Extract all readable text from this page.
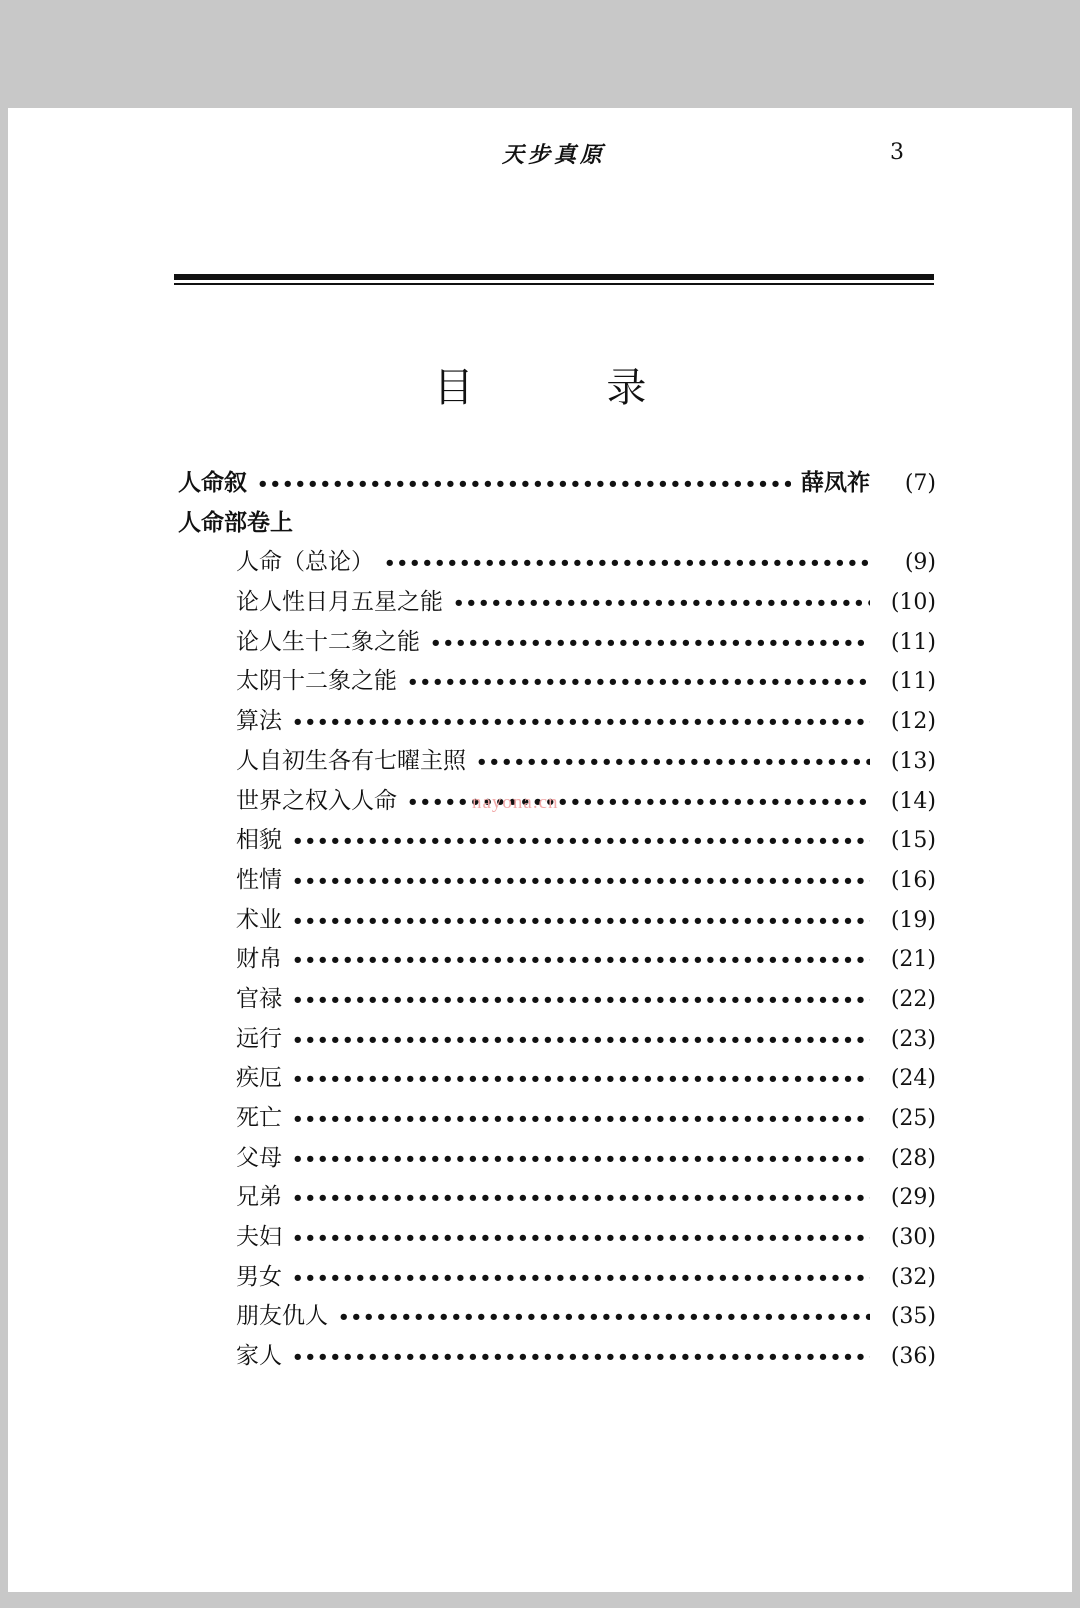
天步真原	3
目 录
人命叙 •••••	薛凤祚	(7)
人命部卷上
人命（总论） •••••	(9)
论人性日月五星之能 •••••	(10)
论人生十二象之能 •••••	(11)
太阴十二象之能 •••••	(11)
算法 •••••	(12)
人自初生各有七曜主照 •••••	(13)
世界之权入人命 •••••	(14)
相貌 •••••	(15)
性情 •••••	(16)
术业 •••••	(19)
财帛 •••••	(21)
官禄 •••••	(22)
远行 •••••	(23)
疾厄 •••••	(24)
死亡 •••••	(25)
父母 •••••	(28)
兄弟 •••••	(29)
夫妇 •••••	(30)
男女 •••••	(32)
朋友仇人 •••••	(35)
家人 •••••	(36)
nayona.cn
